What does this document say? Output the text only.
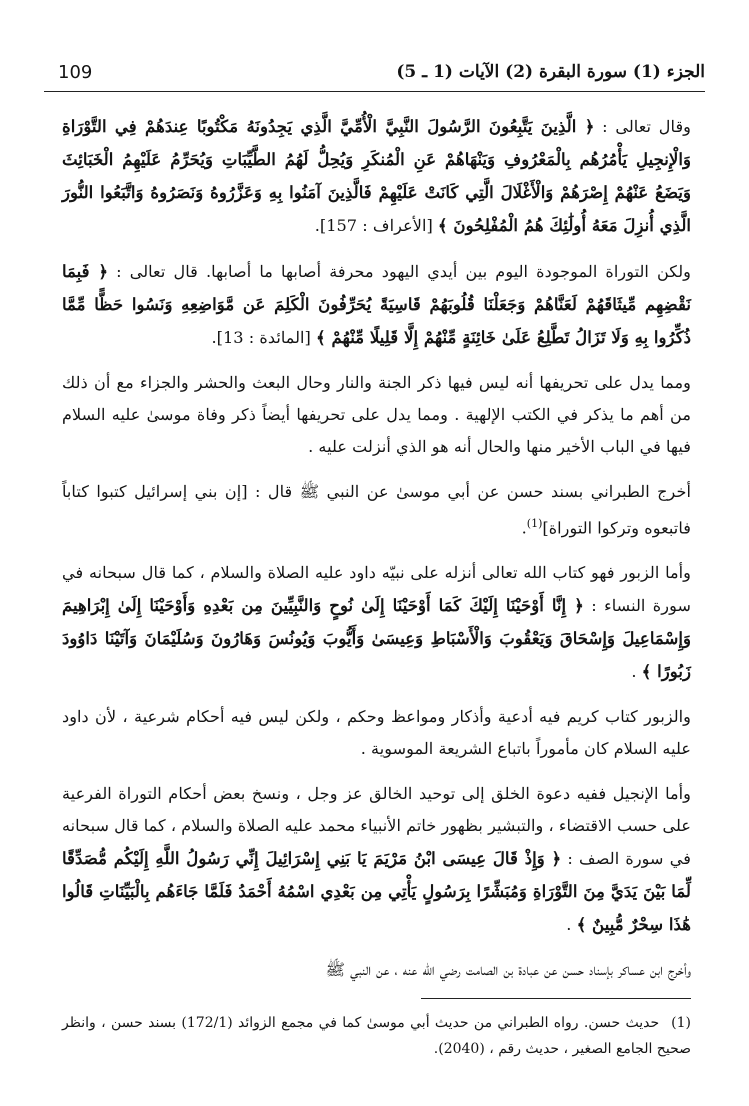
109	الجزء (1) سورة البقرة (2) الآيات (1 ـ 5)

وقال تعالى : ﴿ الَّذِينَ يَتَّبِعُونَ الرَّسُولَ النَّبِيَّ الْأُمِّيَّ الَّذِي يَجِدُونَهُ مَكْتُوبًا عِندَهُمْ فِي التَّوْرَاةِ وَالْإِنجِيلِ يَأْمُرُهُم بِالْمَعْرُوفِ وَيَنْهَاهُمْ عَنِ الْمُنكَرِ وَيُحِلُّ لَهُمُ الطَّيِّبَاتِ وَيُحَرِّمُ عَلَيْهِمُ الْخَبَائِثَ وَيَضَعُ عَنْهُمْ إِصْرَهُمْ وَالْأَغْلَالَ الَّتِي كَانَتْ عَلَيْهِمْ فَالَّذِينَ آمَنُوا بِهِ وَعَزَّرُوهُ وَنَصَرُوهُ وَاتَّبَعُوا النُّورَ الَّذِي أُنزِلَ مَعَهُ أُولَٰئِكَ هُمُ الْمُفْلِحُونَ ﴾ [الأعراف : 157].

ولكن التوراة الموجودة اليوم بين أيدي اليهود محرفة أصابها ما أصابها. قال تعالى : ﴿ فَبِمَا نَقْضِهِم مِّيثَاقَهُمْ لَعَنَّاهُمْ وَجَعَلْنَا قُلُوبَهُمْ قَاسِيَةً يُحَرِّفُونَ الْكَلِمَ عَن مَّوَاضِعِهِ وَنَسُوا حَظًّا مِّمَّا ذُكِّرُوا بِهِ وَلَا تَزَالُ تَطَّلِعُ عَلَىٰ خَائِنَةٍ مِّنْهُمْ إِلَّا قَلِيلًا مِّنْهُمْ ﴾ [المائدة : 13].

ومما يدل على تحريفها أنه ليس فيها ذكر الجنة والنار وحال البعث والحشر والجزاء مع أن ذلك من أهم ما يذكر في الكتب الإلهية . ومما يدل على تحريفها أيضاً ذكر وفاة موسىٰ عليه السلام فيها في الباب الأخير منها والحال أنه هو الذي أنزلت عليه .

أخرج الطبراني بسند حسن عن أبي موسىٰ عن النبي ﷺ قال : [إن بني إسرائيل كتبوا كتاباً فاتبعوه وتركوا التوراة]$^{(1)}$.

وأما الزبور فهو كتاب الله تعالى أنزله على نبيّه داود عليه الصلاة والسلام ، كما قال سبحانه في سورة النساء : ﴿ إِنَّا أَوْحَيْنَا إِلَيْكَ كَمَا أَوْحَيْنَا إِلَىٰ نُوحٍ وَالنَّبِيِّينَ مِن بَعْدِهِ وَأَوْحَيْنَا إِلَىٰ إِبْرَاهِيمَ وَإِسْمَاعِيلَ وَإِسْحَاقَ وَيَعْقُوبَ وَالْأَسْبَاطِ وَعِيسَىٰ وَأَيُّوبَ وَيُونُسَ وَهَارُونَ وَسُلَيْمَانَ وَآتَيْنَا دَاوُودَ زَبُورًا ﴾ .

والزبور كتاب كريم فيه أدعية وأذكار ومواعظ وحكم ، ولكن ليس فيه أحكام شرعية ، لأن داود عليه السلام كان مأموراً باتباع الشريعة الموسوية .

وأما الإنجيل ففيه دعوة الخلق إلى توحيد الخالق عز وجل ، ونسخ بعض أحكام التوراة الفرعية على حسب الاقتضاء ، والتبشير بظهور خاتم الأنبياء محمد عليه الصلاة والسلام ، كما قال سبحانه في سورة الصف : ﴿ وَإِذْ قَالَ عِيسَى ابْنُ مَرْيَمَ يَا بَنِي إِسْرَائِيلَ إِنِّي رَسُولُ اللَّهِ إِلَيْكُم مُّصَدِّقًا لِّمَا بَيْنَ يَدَيَّ مِنَ التَّوْرَاةِ وَمُبَشِّرًا بِرَسُولٍ يَأْتِي مِن بَعْدِي اسْمُهُ أَحْمَدُ فَلَمَّا جَاءَهُم بِالْبَيِّنَاتِ قَالُوا هَٰذَا سِحْرٌ مُّبِينٌ ﴾ .

وأخرج ابن عساكر بإسناد حسن عن عبادة بن الصامت رضي الله عنه ، عن النبي ﷺ

(1)حديث حسن. رواه الطبراني من حديث أبي موسىٰ كما في مجمع الزوائد (172/1) بسند حسن ، وانظر صحيح الجامع الصغير ، حديث رقم ، (2040).
